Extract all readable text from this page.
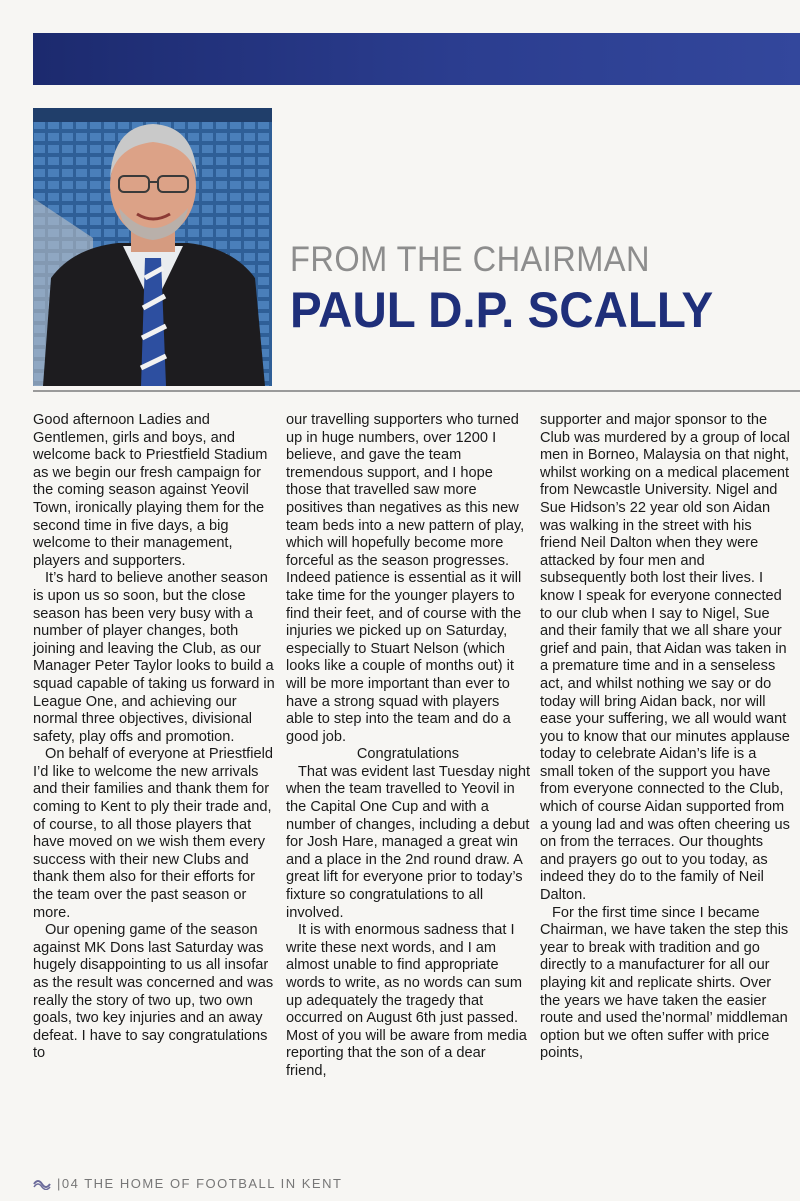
FROM THE CHAIRMAN
PAUL D.P. SCALLY

Good afternoon Ladies and Gentlemen, girls and boys, and welcome back to Priestfield Stadium as we begin our fresh campaign for the coming season against Yeovil Town, ironically playing them for the second time in five days, a big welcome to their management, players and supporters.

It’s hard to believe another season is upon us so soon, but the close season has been very busy with a number of player changes, both joining and leaving the Club, as our Manager Peter Taylor looks to build a squad capable of taking us forward in League One, and achieving our normal three objectives, divisional safety, play offs and promotion.

On behalf of everyone at Priestfield I’d like to welcome the new arrivals and their families and thank them for coming to Kent to ply their trade and, of course, to all those players that have moved on we wish them every success with their new Clubs and thank them also for their efforts for the team over the past season or more.

Our opening game of the season against MK Dons last Saturday was hugely disappointing to us all insofar as the result was concerned and was really the story of two up, two own goals, two key injuries and an away defeat. I have to say congratulations to

our travelling supporters who turned up in huge numbers, over 1200 I believe, and gave the team tremendous support, and I hope those that travelled saw more positives than negatives as this new team beds into a new pattern of play, which will hopefully become more forceful as the season progresses. Indeed patience is essential as it will take time for the younger players to find their feet, and of course with the injuries we picked up on Saturday, especially to Stuart Nelson (which looks like a couple of months out) it will be more important than ever to have a strong squad with players able to step into the team and do a good job.

Congratulations

That was evident last Tuesday night when the team travelled to Yeovil in the Capital One Cup and with a number of changes, including a debut for Josh Hare, managed a great win and a place in the 2nd round draw. A great lift for everyone prior to today’s fixture so congratulations to all involved.

It is with enormous sadness that I write these next words, and I am almost unable to find appropriate words to write, as no words can sum up adequately the tragedy that occurred on August 6th just passed. Most of you will be aware from media reporting that the son of a dear friend,

supporter and major sponsor to the Club was murdered by a group of local men in Borneo, Malaysia on that night, whilst working on a medical placement from Newcastle University. Nigel and Sue Hidson’s 22 year old son Aidan was walking in the street with his friend Neil Dalton when they were attacked by four men and subsequently both lost their lives. I know I speak for everyone connected to our club when I say to Nigel, Sue and their family that we all share your grief and pain, that Aidan was taken in a premature time and in a senseless act, and whilst nothing we say or do today will bring Aidan back, nor will ease your suffering, we all would want you to know that our minutes applause today to celebrate Aidan’s life is a small token of the support you have from everyone connected to the Club, which of course Aidan supported from a young lad and was often cheering us on from the terraces. Our thoughts and prayers go out to you today, as indeed they do to the family of Neil Dalton.

For the first time since I became Chairman, we have taken the step this year to break with tradition and go directly to a manufacturer for all our playing kit and replicate shirts. Over the years we have taken the easier route and used the’normal’ middleman option but we often suffer with price points,

|04 THE HOME OF FOOTBALL IN KENT
